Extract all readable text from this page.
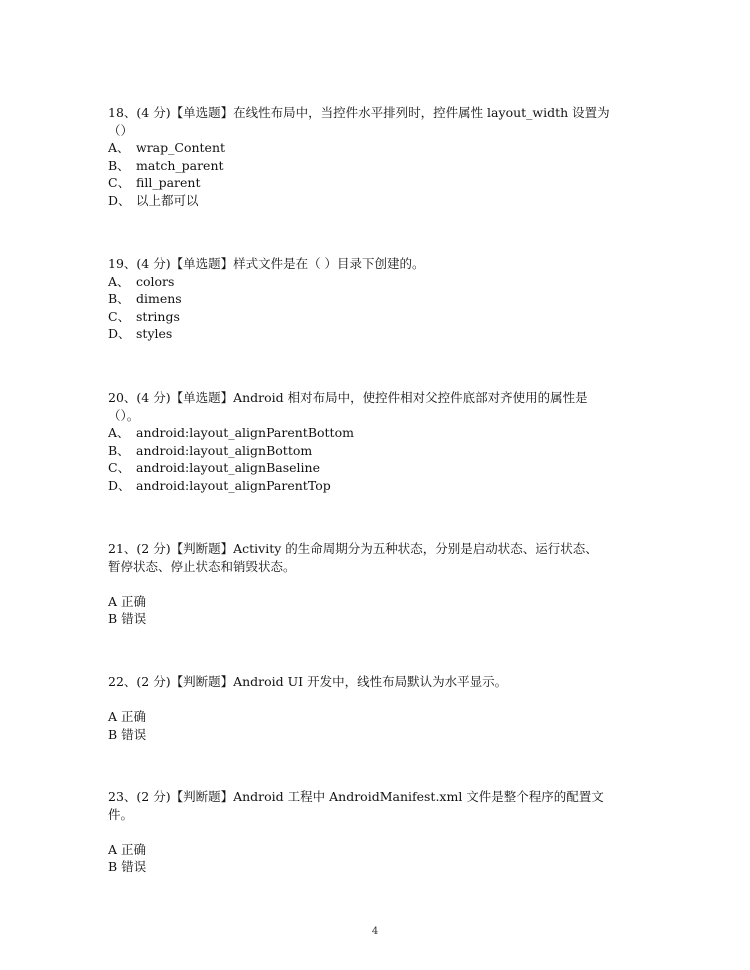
18、(4 分)【单选题】在线性布局中，当控件水平排列时，控件属性 layout_width 设置为
（）

A、 wrap_Content
B、 match_parent
C、 fill_parent
D、 以上都可以

19、(4 分)【单选题】样式文件是在（ ）目录下创建的。

A、 colors
B、 dimens
C、 strings
D、 styles

20、(4 分)【单选题】Android 相对布局中，使控件相对父控件底部对齐使用的属性是
（）。

A、 android:layout_alignParentBottom
B、 android:layout_alignBottom
C、 android:layout_alignBaseline
D、 android:layout_alignParentTop

21、(2 分)【判断题】Activity 的生命周期分为五种状态，分别是启动状态、运行状态、
暂停状态、停止状态和销毁状态。

A 正确
B 错误

22、(2 分)【判断题】Android UI 开发中，线性布局默认为水平显示。

A 正确
B 错误

23、(2 分)【判断题】Android 工程中 AndroidManifest.xml 文件是整个程序的配置文
件。

A 正确
B 错误
4
